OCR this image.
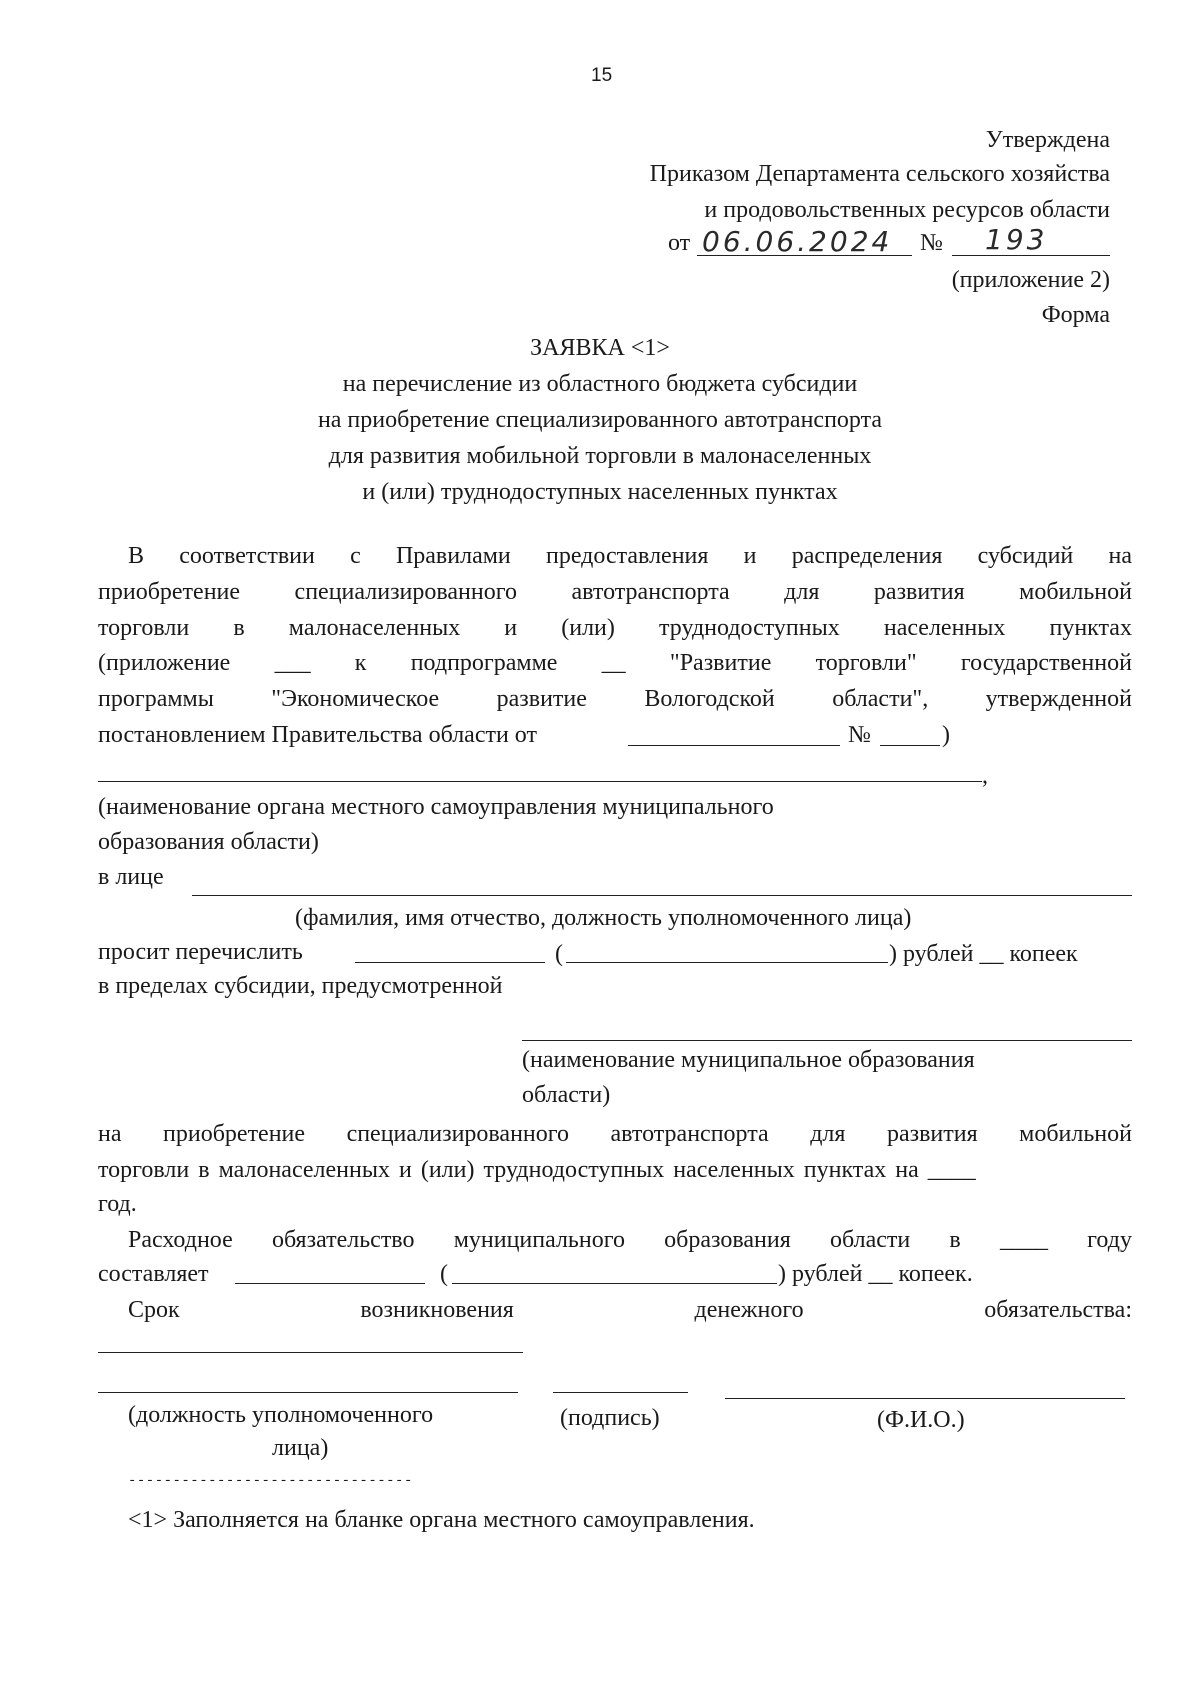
15
Утверждена
Приказом Департамента сельского хозяйства
и продовольственных ресурсов области
от 06.06.2024 № 193
(приложение 2)
Форма
ЗАЯВКА <1>
на перечисление из областного бюджета субсидии
на приобретение специализированного автотранспорта
для развития мобильной торговли в малонаселенных
и (или) труднодоступных населенных пунктах
В соответствии с Правилами предоставления и распределения субсидий на
приобретение специализированного автотранспорта для развития мобильной
торговли в малонаселенных и (или) труднодоступных населенных пунктах
(приложение ___ к подпрограмме __ "Развитие торговли" государственной
программы "Экономическое развитие Вологодской области", утвержденной
постановлением Правительства области от	№	)
,
(наименование органа местного самоуправления муниципального
образования области)
в лице
(фамилия, имя отчество, должность уполномоченного лица)
просит перечислить	(	) рублей __ копеек
в пределах субсидии, предусмотренной
(наименование муниципальное образования
области)
на приобретение специализированного автотранспорта для развития мобильной
торговли в малонаселенных и (или) труднодоступных населенных пунктах на ____
год.
Расходное обязательство муниципального образования области в ____ году
составляет	(	) рублей __ копеек.
Срок	возникновения	денежного	обязательства:
(должность уполномоченного
лица)
(подпись)	(Ф.И.О.)
--------------------------------
<1> Заполняется на бланке органа местного самоуправления.
